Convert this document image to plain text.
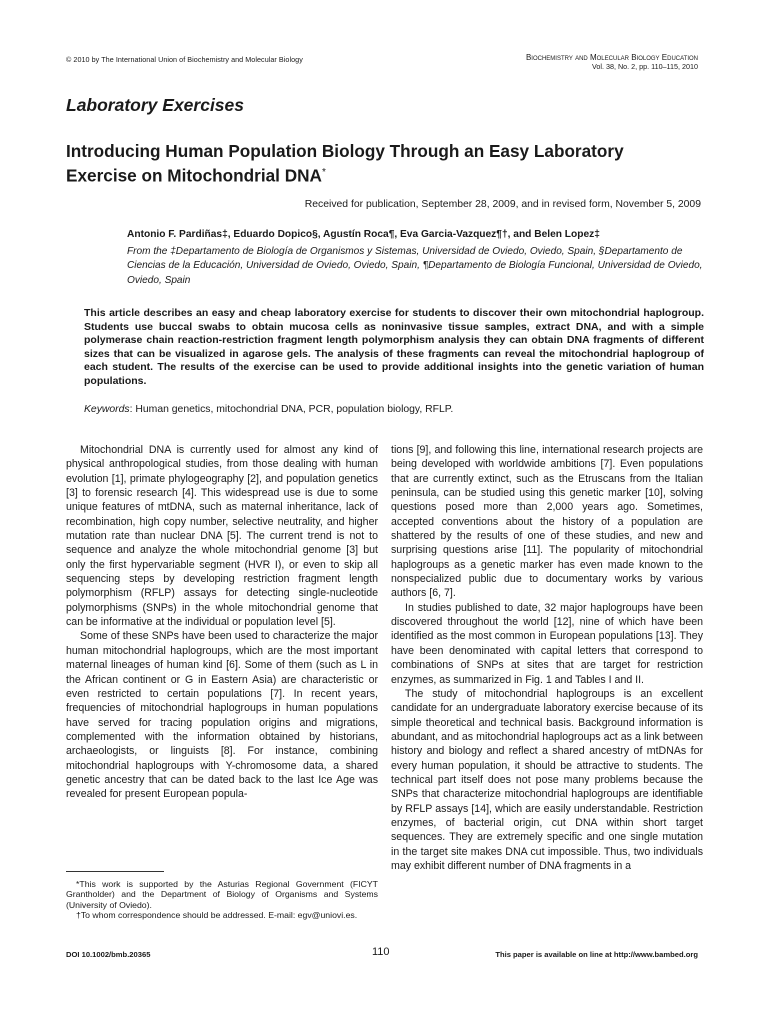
© 2010 by The International Union of Biochemistry and Molecular Biology	Biochemistry and Molecular Biology Education
Vol. 38, No. 2, pp. 110–115, 2010
Laboratory Exercises
Introducing Human Population Biology Through an Easy Laboratory
Exercise on Mitochondrial DNA*
Received for publication, September 28, 2009, and in revised form, November 5, 2009
Antonio F. Pardiñas‡, Eduardo Dopico§, Agustín Roca¶, Eva Garcia-Vazquez¶†, and Belen Lopez‡
From the ‡Departamento de Biología de Organismos y Sistemas, Universidad de Oviedo, Oviedo, Spain, §Departamento de Ciencias de la Educación, Universidad de Oviedo, Oviedo, Spain, ¶Departamento de Biología Funcional, Universidad de Oviedo, Oviedo, Spain
This article describes an easy and cheap laboratory exercise for students to discover their own mitochondrial haplogroup. Students use buccal swabs to obtain mucosa cells as noninvasive tissue samples, extract DNA, and with a simple polymerase chain reaction-restriction fragment length polymorphism analysis they can obtain DNA fragments of different sizes that can be visualized in agarose gels. The analysis of these fragments can reveal the mitochondrial haplogroup of each student. The results of the exercise can be used to provide additional insights into the genetic variation of human populations.
Keywords: Human genetics, mitochondrial DNA, PCR, population biology, RFLP.

Mitochondrial DNA is currently used for almost any kind of physical anthropological studies, from those dealing with human evolution [1], primate phylogeography [2], and population genetics [3] to forensic research [4]. This widespread use is due to some unique features of mtDNA, such as maternal inheritance, lack of recombination, high copy number, selective neutrality, and higher mutation rate than nuclear DNA [5]. The current trend is not to sequence and analyze the whole mitochondrial genome [3] but only the first hypervariable segment (HVR I), or even to skip all sequencing steps by developing restriction fragment length polymorphism (RFLP) assays for detecting single-nucleotide polymorphisms (SNPs) in the whole mitochondrial genome that can be informative at the individual or population level [5].

Some of these SNPs have been used to characterize the major human mitochondrial haplogroups, which are the most important maternal lineages of human kind [6]. Some of them (such as L in the African continent or G in Eastern Asia) are characteristic or even restricted to certain populations [7]. In recent years, frequencies of mitochondrial haplogroups in human populations have served for tracing population origins and migrations, complemented with the information obtained by historians, archaeologists, or linguists [8]. For instance, combining mitochondrial haplogroups with Y-chromosome data, a shared genetic ancestry that can be dated back to the last Ice Age was revealed for present European popula-

tions [9], and following this line, international research projects are being developed with worldwide ambitions [7]. Even populations that are currently extinct, such as the Etruscans from the Italian peninsula, can be studied using this genetic marker [10], solving questions posed more than 2,000 years ago. Sometimes, accepted conventions about the history of a population are shattered by the results of one of these studies, and new and surprising questions arise [11]. The popularity of mitochondrial haplogroups as a genetic marker has even made known to the nonspecialized public due to documentary works by various authors [6, 7].

In studies published to date, 32 major haplogroups have been discovered throughout the world [12], nine of which have been identified as the most common in European populations [13]. They have been denominated with capital letters that correspond to combinations of SNPs at sites that are target for restriction enzymes, as summarized in Fig. 1 and Tables I and II.

The study of mitochondrial haplogroups is an excellent candidate for an undergraduate laboratory exercise because of its simple theoretical and technical basis. Background information is abundant, and as mitochondrial haplogroups act as a link between history and biology and reflect a shared ancestry of mtDNAs for every human population, it should be attractive to students. The technical part itself does not pose many problems because the SNPs that characterize mitochondrial haplogroups are identifiable by RFLP assays [14], which are easily understandable. Restriction enzymes, of bacterial origin, cut DNA within short target sequences. They are extremely specific and one single mutation in the target site makes DNA cut impossible. Thus, two individuals may exhibit different number of DNA fragments in a

*This work is supported by the Asturias Regional Government (FICYT Grantholder) and the Department of Biology of Organisms and Systems (University of Oviedo).

†To whom correspondence should be addressed. E-mail: egv@uniovi.es.

DOI 10.1002/bmb.20365	110	This paper is available on line at http://www.bambed.org
